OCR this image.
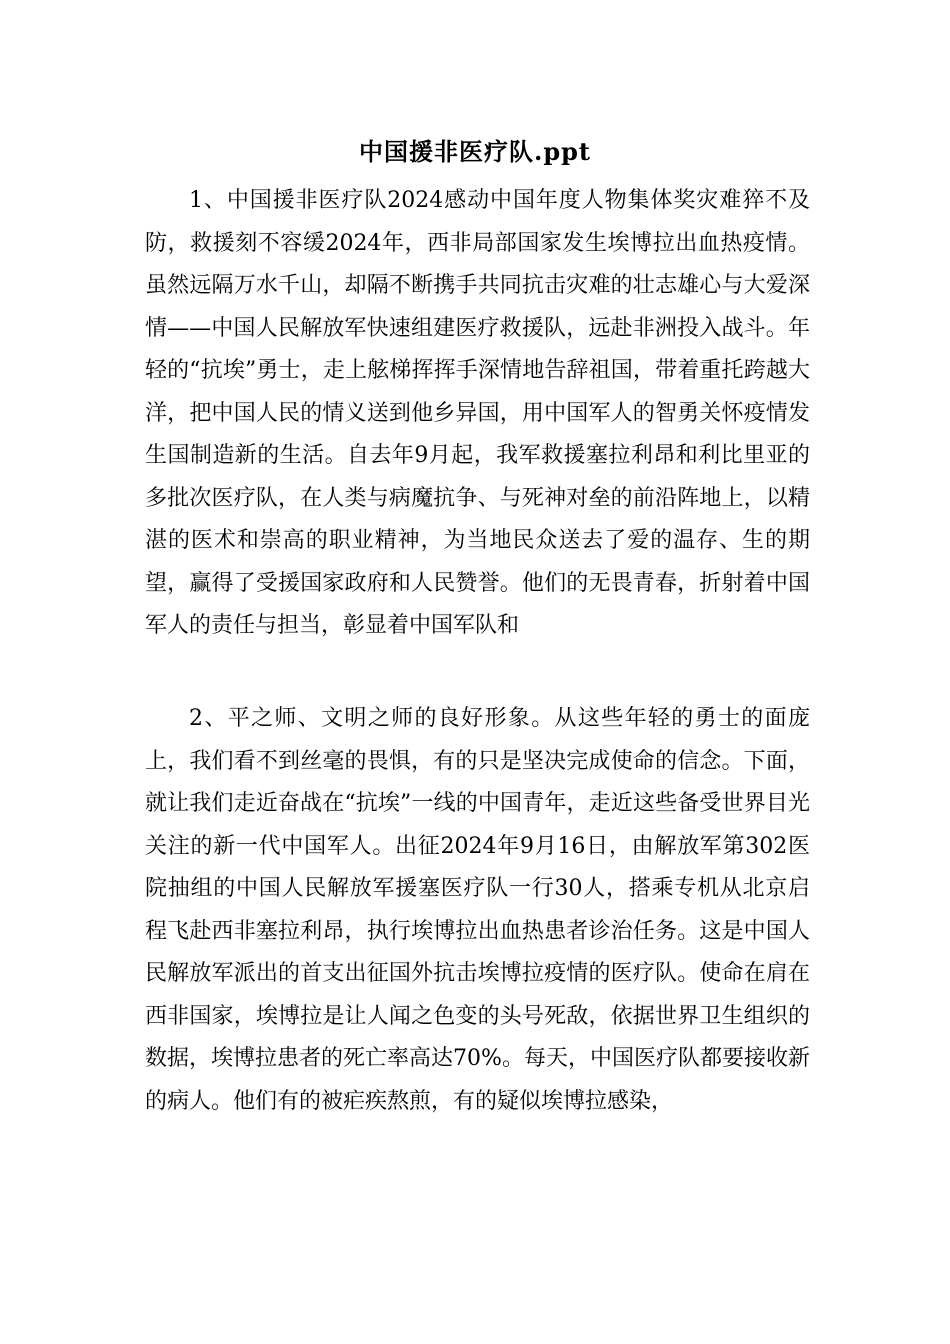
中国援非医疗队.ppt

1、中国援非医疗队2024感动中国年度人物集体奖灾难猝不及防，救援刻不容缓2024年，西非局部国家发生埃博拉出血热疫情。虽然远隔万水千山，却隔不断携手共同抗击灾难的壮志雄心与大爱深情——中国人民解放军快速组建医疗救援队，远赴非洲投入战斗。年轻的“抗埃”勇士，走上舷梯挥挥手深情地告辞祖国，带着重托跨越大洋，把中国人民的情义送到他乡异国，用中国军人的智勇关怀疫情发生国制造新的生活。自去年9月起，我军救援塞拉利昂和利比里亚的多批次医疗队，在人类与病魔抗争、与死神对垒的前沿阵地上，以精湛的医术和崇高的职业精神，为当地民众送去了爱的温存、生的期望，赢得了受援国家政府和人民赞誉。他们的无畏青春，折射着中国军人的责任与担当，彰显着中国军队和

2、平之师、文明之师的良好形象。从这些年轻的勇士的面庞上，我们看不到丝毫的畏惧，有的只是坚决完成使命的信念。下面，就让我们走近奋战在“抗埃”一线的中国青年，走近这些备受世界目光关注的新一代中国军人。出征2024年9月16日，由解放军第302医院抽组的中国人民解放军援塞医疗队一行30人，搭乘专机从北京启程飞赴西非塞拉利昂，执行埃博拉出血热患者诊治任务。这是中国人民解放军派出的首支出征国外抗击埃博拉疫情的医疗队。使命在肩在西非国家，埃博拉是让人闻之色变的头号死敌，依据世界卫生组织的数据，埃博拉患者的死亡率高达70%。每天，中国医疗队都要接收新的病人。他们有的被疟疾熬煎，有的疑似埃博拉感染，
